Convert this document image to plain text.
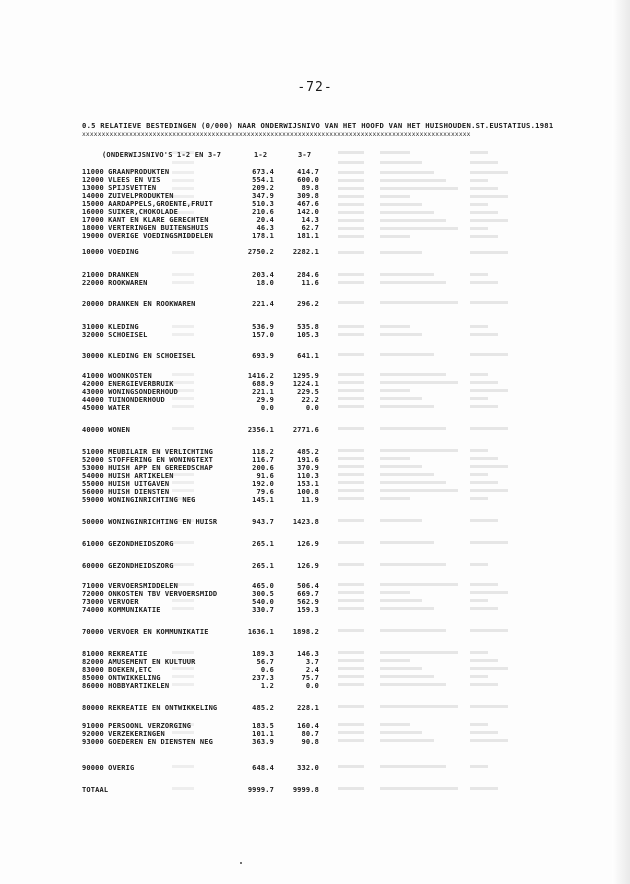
-72-
0.5 RELATIEVE BESTEDINGEN (0/000) NAAR ONDERWIJSNIVO VAN HET HOOFD VAN HET HUISHOUDEN.ST.EUSTATIUS.1981
xxxxxxxxxxxxxxxxxxxxxxxxxxxxxxxxxxxxxxxxxxxxxxxxxxxxxxxxxxxxxxxxxxxxxxxxxxxxxxxxxxxxxxxxxxxxxxxxxxx
(ONDERWIJSNIVO'S 1-2 EN 3-7	1-2	3-7
11000 GRAANPRODUKTEN	673.4	414.7
12000 VLEES EN VIS	554.1	600.0
13000 SPIJSVETTEN	209.2	89.8
14000 ZUIVELPRODUKTEN	347.9	309.8
15000 AARDAPPELS,GROENTE,FRUIT	510.3	467.6
16000 SUIKER,CHOKOLADE	210.6	142.0
17000 KANT EN KLARE GERECHTEN	20.4	14.3
18000 VERTERINGEN BUITENSHUIS	46.3	62.7
19000 OVERIGE VOEDINGSMIDDELEN	178.1	181.1
10000 VOEDING	2750.2	2282.1
21000 DRANKEN	203.4	284.6
22000 ROOKWAREN	18.0	11.6
20000 DRANKEN EN ROOKWAREN	221.4	296.2
31000 KLEDING	536.9	535.8
32000 SCHOEISEL	157.0	105.3
30000 KLEDING EN SCHOEISEL	693.9	641.1
41000 WOONKOSTEN	1416.2	1295.9
42000 ENERGIEVERBRUIK	688.9	1224.1
43000 WONINGSONDERHOUD	221.1	229.5
44000 TUINONDERHOUD	29.9	22.2
45000 WATER	0.0	0.0
40000 WONEN	2356.1	2771.6
51000 MEUBILAIR EN VERLICHTING	118.2	485.2
52000 STOFFERING EN WONINGTEXT	116.7	191.6
53000 HUISH APP EN GEREEDSCHAP	200.6	370.9
54000 HUISH ARTIKELEN	91.6	110.3
55000 HUISH UITGAVEN	192.0	153.1
56000 HUISH DIENSTEN	79.6	100.8
59000 WONINGINRICHTING NEG	145.1	11.9
50000 WONINGINRICHTING EN HUISR	943.7	1423.8
61000 GEZONDHEIDSZORG	265.1	126.9
60000 GEZONDHEIDSZORG	265.1	126.9
71000 VERVOERSMIDDELEN	465.0	506.4
72000 ONKOSTEN TBV VERVOERSMIDD	300.5	669.7
73000 VERVOER	540.0	562.9
74000 KOMMUNIKATIE	330.7	159.3
70000 VERVOER EN KOMMUNIKATIE	1636.1	1898.2
81000 REKREATIE	189.3	146.3
82000 AMUSEMENT EN KULTUUR	56.7	3.7
83000 BOEKEN,ETC	0.6	2.4
85000 ONTWIKKELING	237.3	75.7
86000 HOBBYARTIKELEN	1.2	0.0
80000 REKREATIE EN ONTWIKKELING	485.2	228.1
91000 PERSOONL VERZORGING	183.5	160.4
92000 VERZEKERINGEN	101.1	80.7
93000 GOEDEREN EN DIENSTEN NEG	363.9	90.8
90000 OVERIG	648.4	332.0
TOTAAL	9999.7	9999.8
